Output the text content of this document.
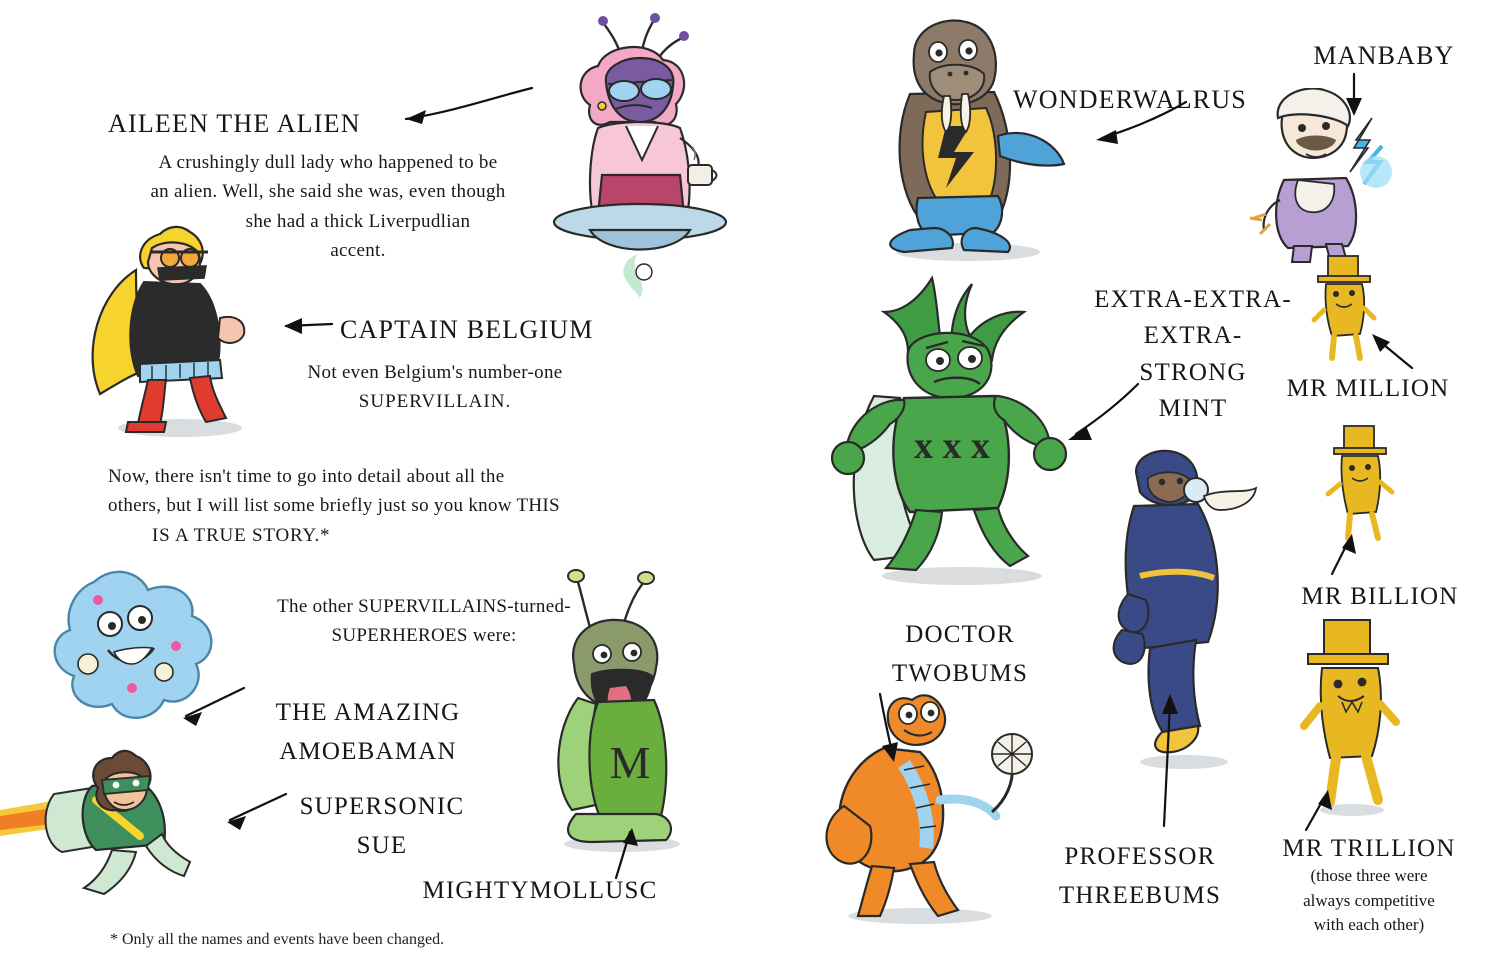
AILEEN THE ALIEN
A crushingly dull lady who happened to be
an alien. Well, she said she was, even though
she had a thick Liverpudlian
accent.
CAPTAIN BELGIUM
Not even Belgium's number-one
SUPERVILLAIN.
Now, there isn't time to go into detail about all the
others, but I will list some briefly just so you know THIS
IS A TRUE STORY.*
The other SUPERVILLAINS-turned-
SUPERHEROES were:
THE AMAZING
AMOEBAMAN
SUPERSONIC
SUE
MIGHTYMOLLUSC
M
* Only all the names and events have been changed.
WONDERWALRUS
MANBABY
x x x
EXTRA-EXTRA-EXTRA-
STRONG
MINT
MR MILLION
MR BILLION
MR TRILLION
(those three were
always competitive
with each other)
PROFESSOR
THREEBUMS
DOCTOR
TWOBUMS
